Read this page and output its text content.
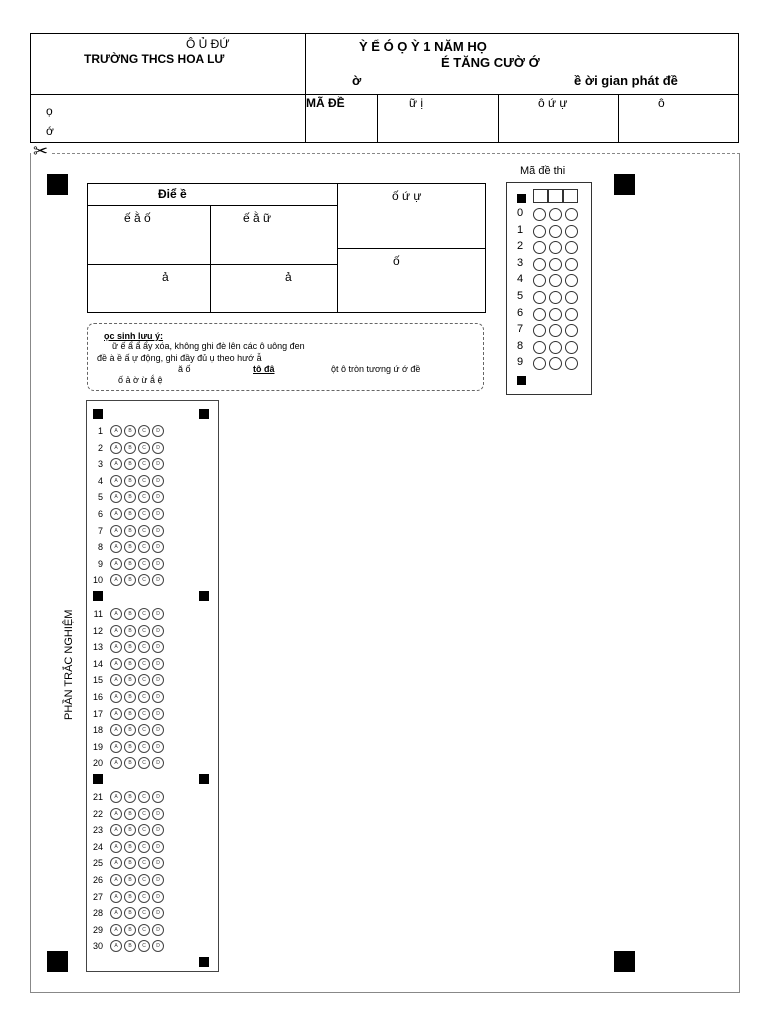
Ô Ủ ĐỨ
TRƯỜNG THCS HOA LƯ
Ỳ Ể Ó Ọ Ỳ 1 NĂM HỌ
É TĂNG CƯỜ Ớ
ờ	ề ời gian phát đề
ọ
ớ
MÃ ĐỀ	ữ ị	ô ứ ự	ô
✂
Điể ề
ế ằ ố	ế ằ ữ
ả	ả
ố ứ ự
ố
ọc sinh lưu ý:
ữ ế ẩ ẩ ẩy xóa, không ghi đè lên các ô uông đen
đề à ề ấ ự động, ghi đầy đủ ụ theo hướ ẫ
ă ố	tô đâ	ột ô tròn tương ứ ớ đề
ố ả ờ ừ ắ ệ
Mã đề thi
0
1
2
3
4
5
6
7
8
9
1	A	B	C	D
2	A	B	C	D
3	A	B	C	D
4	A	B	C	D
5	A	B	C	D
6	A	B	C	D
7	A	B	C	D
8	A	B	C	D
9	A	B	C	D
10	A	B	C	D
11	A	B	C	D
12	A	B	C	D
13	A	B	C	D
14	A	B	C	D
15	A	B	C	D
16	A	B	C	D
17	A	B	C	D
18	A	B	C	D
19	A	B	C	D
20	A	B	C	D
21	A	B	C	D
22	A	B	C	D
23	A	B	C	D
24	A	B	C	D
25	A	B	C	D
26	A	B	C	D
27	A	B	C	D
28	A	B	C	D
29	A	B	C	D
30	A	B	C	D
PHẦN TRẮC NGHIỆM
